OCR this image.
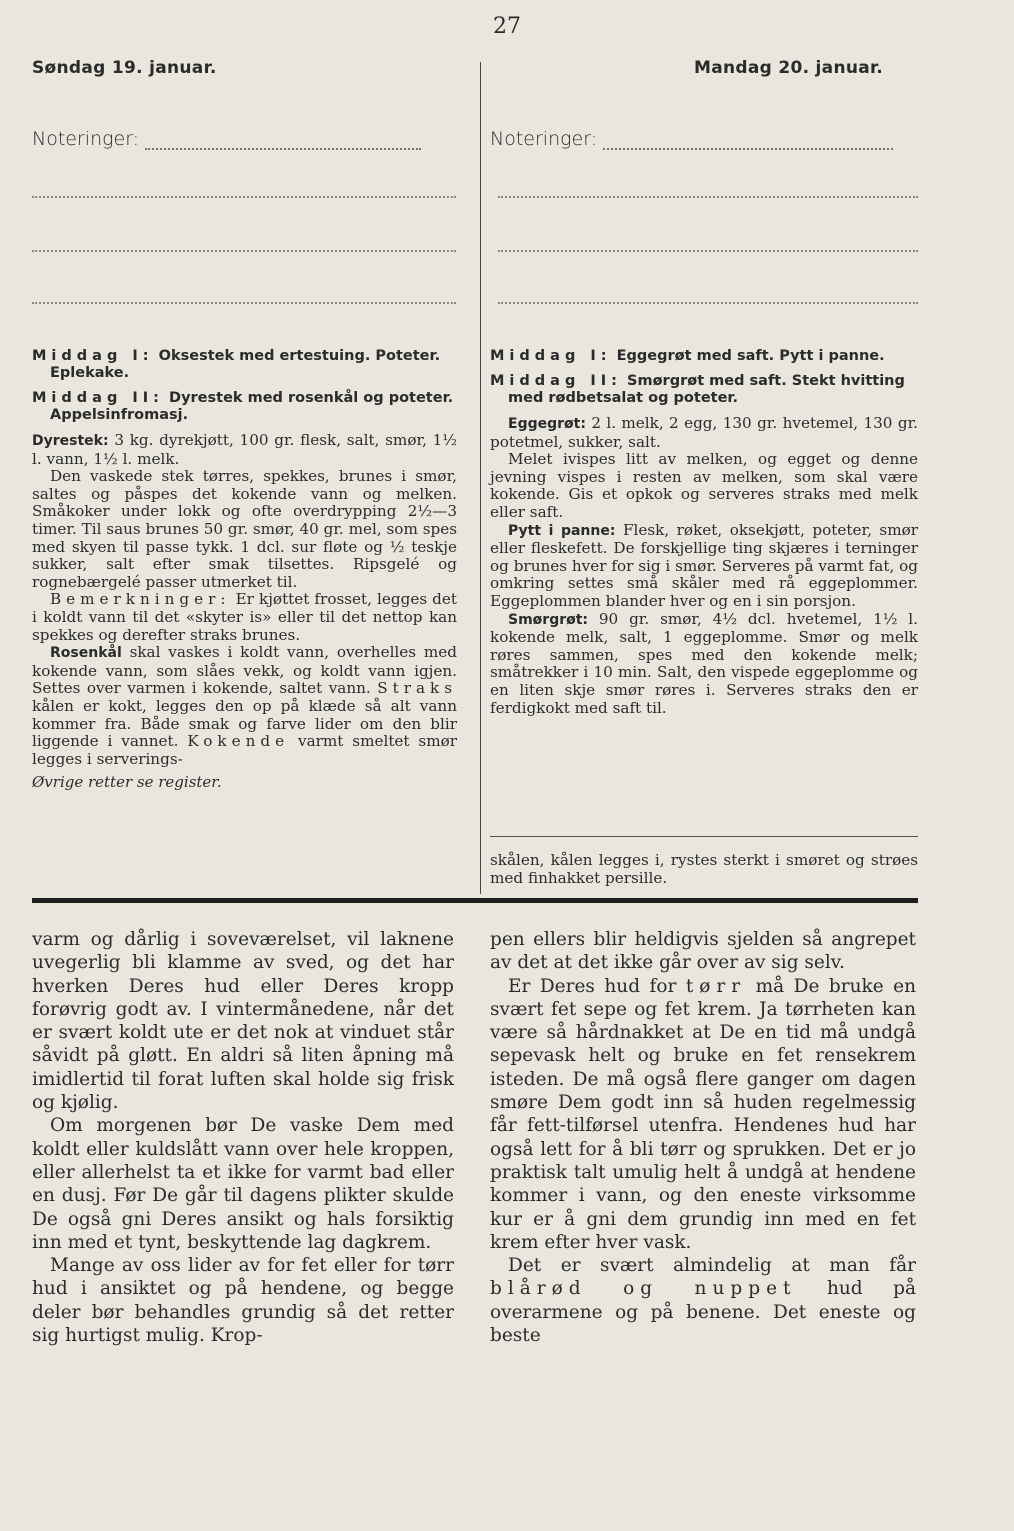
27
Søndag 19. januar.	Mandag 20. januar.
Noteringer:	Noteringer:

Middag I: Oksestek med ertestuing. Poteter. Eplekake.

Middag II: Dyrestek med rosenkål og poteter. Appelsinfromasj.

Dyrestek: 3 kg. dyrekjøtt, 100 gr. flesk, salt, smør, 1½ l. vann, 1½ l. melk.

Den vaskede stek tørres, spekkes, brunes i smør, saltes og påspes det kokende vann og melken. Småkoker under lokk og ofte overdrypping 2½—3 timer. Til saus brunes 50 gr. smør, 40 gr. mel, som spes med skyen til passe tykk. 1 dcl. sur fløte og ½ teskje sukker, salt efter smak tilsettes. Ripsgelé og rognebærgelé passer utmerket til.

Bemerkninger: Er kjøttet frosset, legges det i koldt vann til det «skyter is» eller til det nettop kan spekkes og derefter straks brunes.

Rosenkål skal vaskes i koldt vann, overhelles med kokende vann, som slåes vekk, og koldt vann igjen. Settes over varmen i kokende, saltet vann. Straks kålen er kokt, legges den op på klæde så alt vann kommer fra. Både smak og farve lider om den blir liggende i vannet. Kokende varmt smeltet smør legges i serverings-

Øvrige retter se register.

Middag I: Eggegrøt med saft. Pytt i panne.

Middag II: Smørgrøt med saft. Stekt hvitting med rødbetsalat og poteter.

Eggegrøt: 2 l. melk, 2 egg, 130 gr. hvetemel, 130 gr. potetmel, sukker, salt.

Melet ivispes litt av melken, og egget og denne jevning vispes i resten av melken, som skal være kokende. Gis et opkok og serveres straks med melk eller saft.

Pytt i panne: Flesk, røket, oksekjøtt, poteter, smør eller fleskefett. De forskjellige ting skjæres i terninger og brunes hver for sig i smør. Serveres på varmt fat, og omkring settes små skåler med rå eggeplommer. Eggeplommen blander hver og en i sin porsjon.

Smørgrøt: 90 gr. smør, 4½ dcl. hvetemel, 1½ l. kokende melk, salt, 1 eggeplomme. Smør og melk røres sammen, spes med den kokende melk; småtrekker i 10 min. Salt, den vispede eggeplomme og en liten skje smør røres i. Serveres straks den er ferdigkokt med saft til.

skålen, kålen legges i, rystes sterkt i smøret og strøes med finhakket persille.

varm og dårlig i soveværelset, vil laknene uvegerlig bli klamme av sved, og det har hverken Deres hud eller Deres kropp forøvrig godt av. I vintermånedene, når det er svært koldt ute er det nok at vinduet står såvidt på gløtt. En aldri så liten åpning må imidlertid til forat luften skal holde sig frisk og kjølig.

Om morgenen bør De vaske Dem med koldt eller kuldslått vann over hele kroppen, eller allerhelst ta et ikke for varmt bad eller en dusj. Før De går til dagens plikter skulde De også gni Deres ansikt og hals forsiktig inn med et tynt, beskyttende lag dagkrem.

Mange av oss lider av for fet eller for tørr hud i ansiktet og på hendene, og begge deler bør behandles grundig så det retter sig hurtigst mulig. Krop-

pen ellers blir heldigvis sjelden så angrepet av det at det ikke går over av sig selv.

Er Deres hud for tørr må De bruke en svært fet sepe og fet krem. Ja tørrheten kan være så hårdnakket at De en tid må undgå sepevask helt og bruke en fet rensekrem isteden. De må også flere ganger om dagen smøre Dem godt inn så huden regelmessig får fett-tilførsel utenfra. Hendenes hud har også lett for å bli tørr og sprukken. Det er jo praktisk talt umulig helt å undgå at hendene kommer i vann, og den eneste virksomme kur er å gni dem grundig inn med en fet krem efter hver vask.

Det er svært almindelig at man får blårød og nuppet hud på overarmene og på benene. Det eneste og beste
